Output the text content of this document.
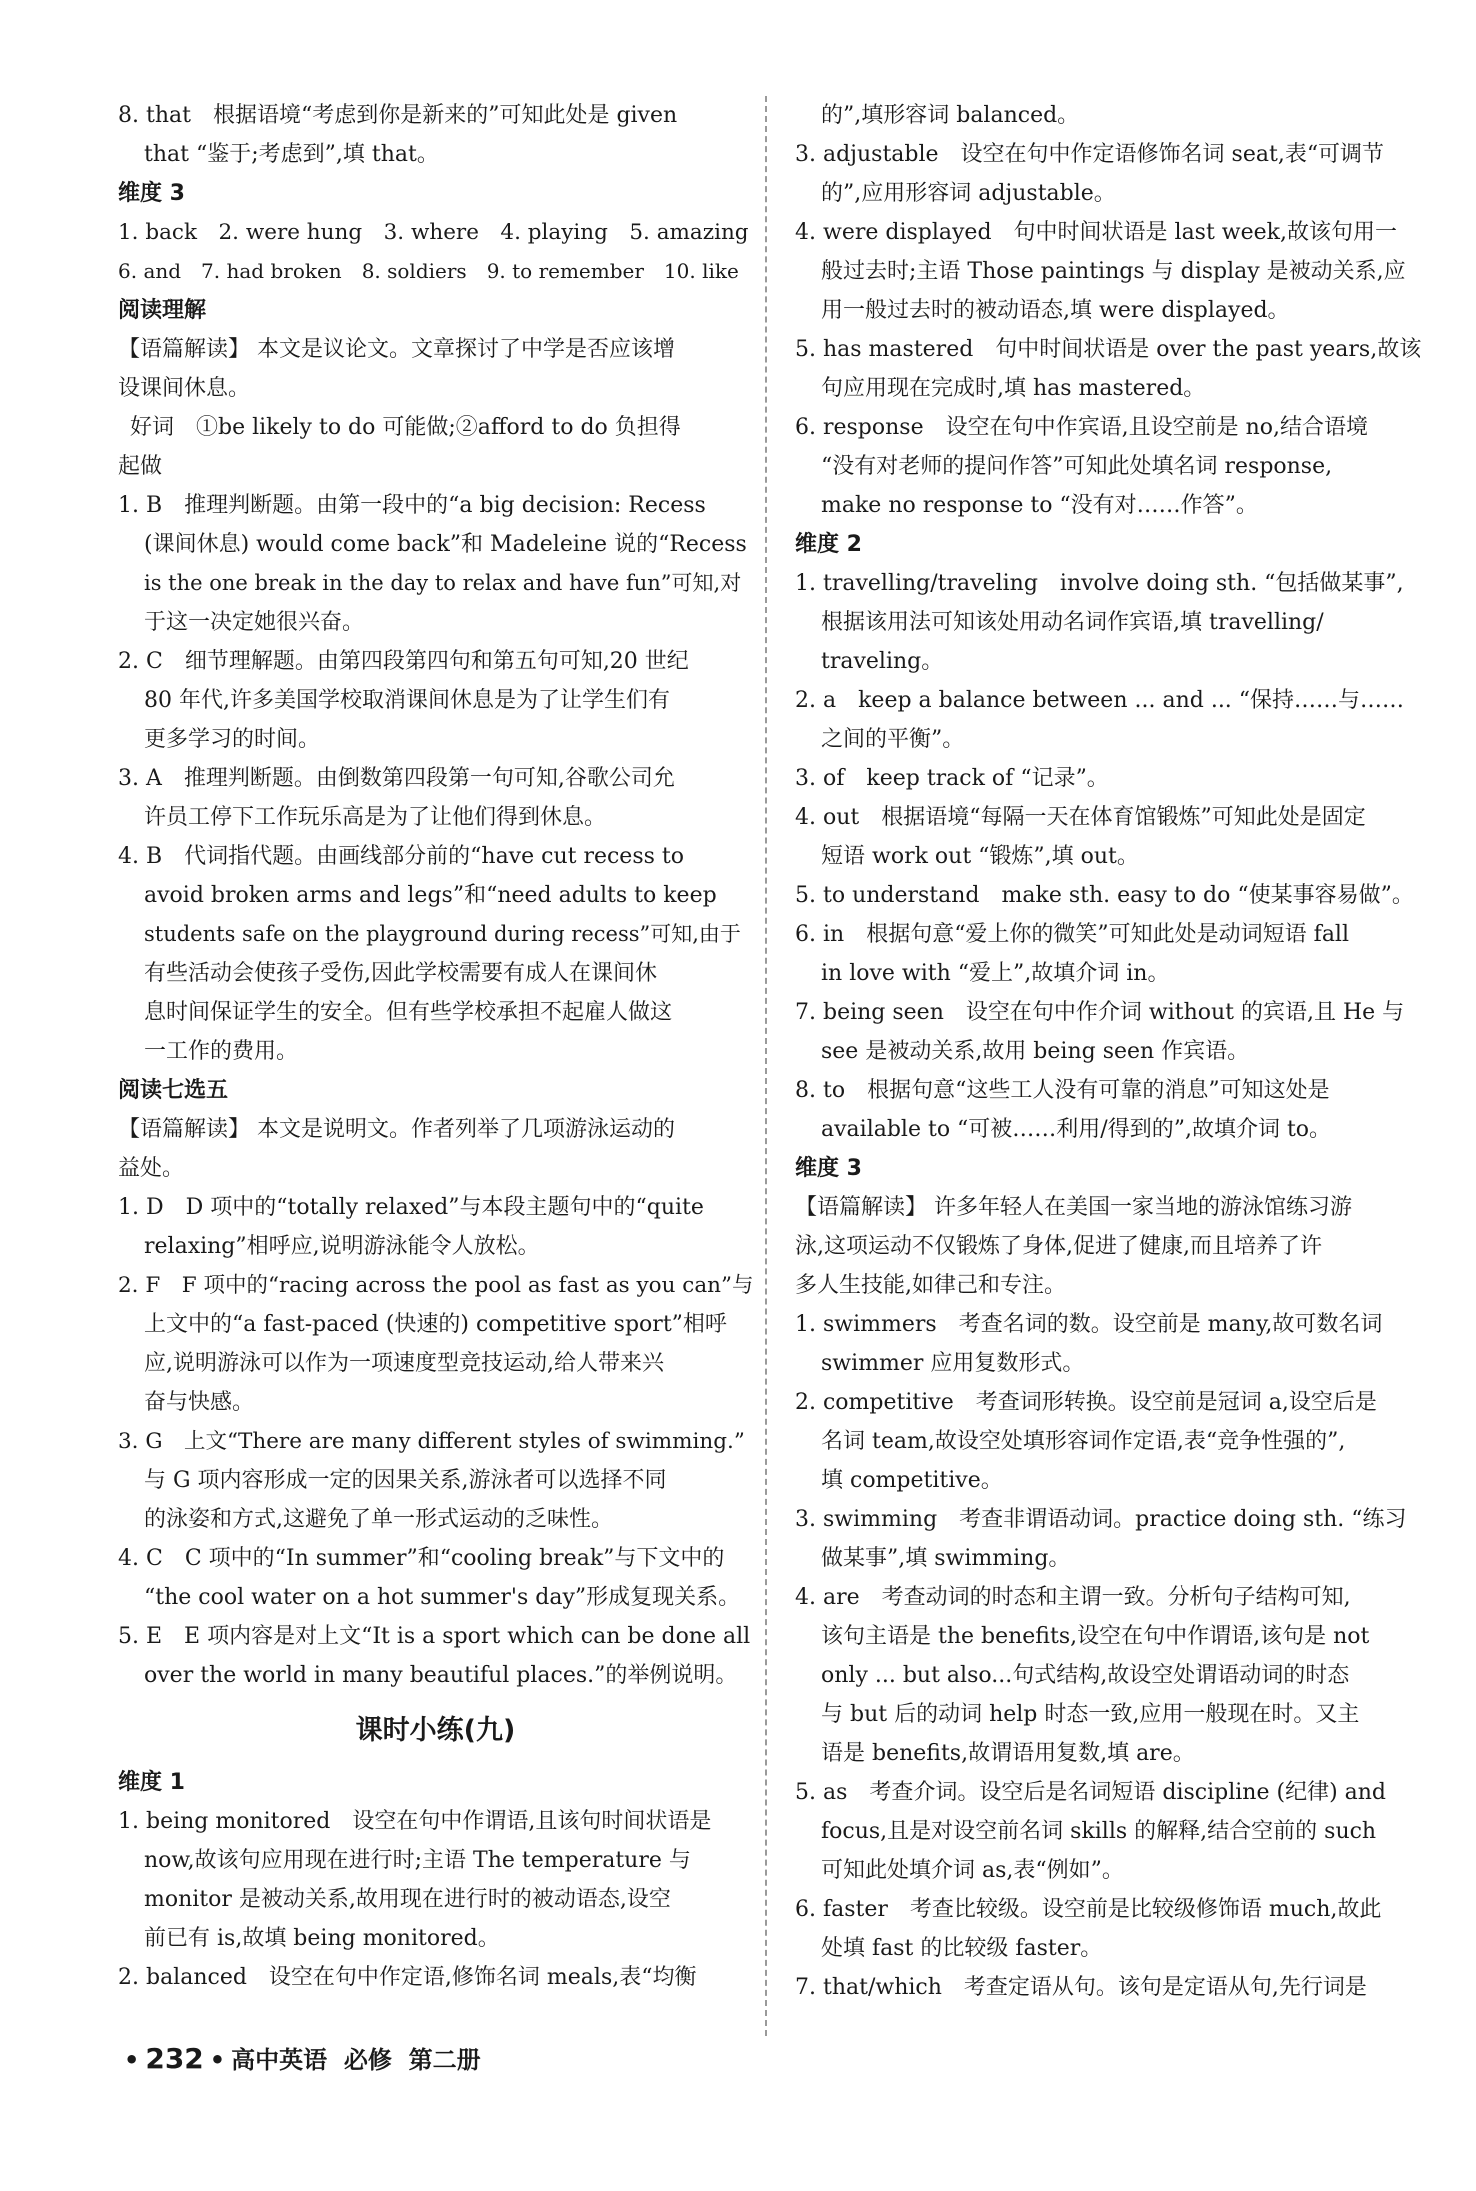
8. that　根据语境“考虑到你是新来的”可知此处是 given
that “鉴于;考虑到”,填 that。
维度 3
1. back　2. were hung　3. where　4. playing　5. amazing
6. and　7. had broken　8. soldiers　9. to remember　10. like
阅读理解
【语篇解读】 本文是议论文。文章探讨了中学是否应该增
设课间休息。
好词　①be likely to do 可能做;②afford to do 负担得
起做
1. B　推理判断题。由第一段中的“a big decision: Recess
(课间休息) would come back”和 Madeleine 说的“Recess
is the one break in the day to relax and have fun”可知,对
于这一决定她很兴奋。
2. C　细节理解题。由第四段第四句和第五句可知,20 世纪
80 年代,许多美国学校取消课间休息是为了让学生们有
更多学习的时间。
3. A　推理判断题。由倒数第四段第一句可知,谷歌公司允
许员工停下工作玩乐高是为了让他们得到休息。
4. B　代词指代题。由画线部分前的“have cut recess to
avoid broken arms and legs”和“need adults to keep
students safe on the playground during recess”可知,由于
有些活动会使孩子受伤,因此学校需要有成人在课间休
息时间保证学生的安全。但有些学校承担不起雇人做这
一工作的费用。
阅读七选五
【语篇解读】 本文是说明文。作者列举了几项游泳运动的
益处。
1. D　D 项中的“totally relaxed”与本段主题句中的“quite
relaxing”相呼应,说明游泳能令人放松。
2. F　F 项中的“racing across the pool as fast as you can”与
上文中的“a fast-paced (快速的) competitive sport”相呼
应,说明游泳可以作为一项速度型竞技运动,给人带来兴
奋与快感。
3. G　上文“There are many different styles of swimming.”
与 G 项内容形成一定的因果关系,游泳者可以选择不同
的泳姿和方式,这避免了单一形式运动的乏味性。
4. C　C 项中的“In summer”和“cooling break”与下文中的
“the cool water on a hot summer's day”形成复现关系。
5. E　E 项内容是对上文“It is a sport which can be done all
over the world in many beautiful places.”的举例说明。
课时小练(九)
维度 1
1. being monitored　设空在句中作谓语,且该句时间状语是
now,故该句应用现在进行时;主语 The temperature 与
monitor 是被动关系,故用现在进行时的被动语态,设空
前已有 is,故填 being monitored。
2. balanced　设空在句中作定语,修饰名词 meals,表“均衡
的”,填形容词 balanced。
3. adjustable　设空在句中作定语修饰名词 seat,表“可调节
的”,应用形容词 adjustable。
4. were displayed　句中时间状语是 last week,故该句用一
般过去时;主语 Those paintings 与 display 是被动关系,应
用一般过去时的被动语态,填 were displayed。
5. has mastered　句中时间状语是 over the past years,故该
句应用现在完成时,填 has mastered。
6. response　设空在句中作宾语,且设空前是 no,结合语境
“没有对老师的提问作答”可知此处填名词 response,
make no response to “没有对……作答”。
维度 2
1. travelling/traveling　involve doing sth. “包括做某事”,
根据该用法可知该处用动名词作宾语,填 travelling/
traveling。
2. a　keep a balance between ... and ... “保持……与……
之间的平衡”。
3. of　keep track of “记录”。
4. out　根据语境“每隔一天在体育馆锻炼”可知此处是固定
短语 work out “锻炼”,填 out。
5. to understand　make sth. easy to do “使某事容易做”。
6. in　根据句意“爱上你的微笑”可知此处是动词短语 fall
in love with “爱上”,故填介词 in。
7. being seen　设空在句中作介词 without 的宾语,且 He 与
see 是被动关系,故用 being seen 作宾语。
8. to　根据句意“这些工人没有可靠的消息”可知这处是
available to “可被……利用/得到的”,故填介词 to。
维度 3
【语篇解读】 许多年轻人在美国一家当地的游泳馆练习游
泳,这项运动不仅锻炼了身体,促进了健康,而且培养了许
多人生技能,如律己和专注。
1. swimmers　考查名词的数。设空前是 many,故可数名词
swimmer 应用复数形式。
2. competitive　考查词形转换。设空前是冠词 a,设空后是
名词 team,故设空处填形容词作定语,表“竞争性强的”,
填 competitive。
3. swimming　考查非谓语动词。practice doing sth. “练习
做某事”,填 swimming。
4. are　考查动词的时态和主谓一致。分析句子结构可知,
该句主语是 the benefits,设空在句中作谓语,该句是 not
only ... but also...句式结构,故设空处谓语动词的时态
与 but 后的动词 help 时态一致,应用一般现在时。又主
语是 benefits,故谓语用复数,填 are。
5. as　考查介词。设空后是名词短语 discipline (纪律) and
focus,且是对设空前名词 skills 的解释,结合空前的 such
可知此处填介词 as,表“例如”。
6. faster　考查比较级。设空前是比较级修饰语 much,故此
处填 fast 的比较级 faster。
7. that/which　考查定语从句。该句是定语从句,先行词是
• 232 • 高中英语 必修 第二册
